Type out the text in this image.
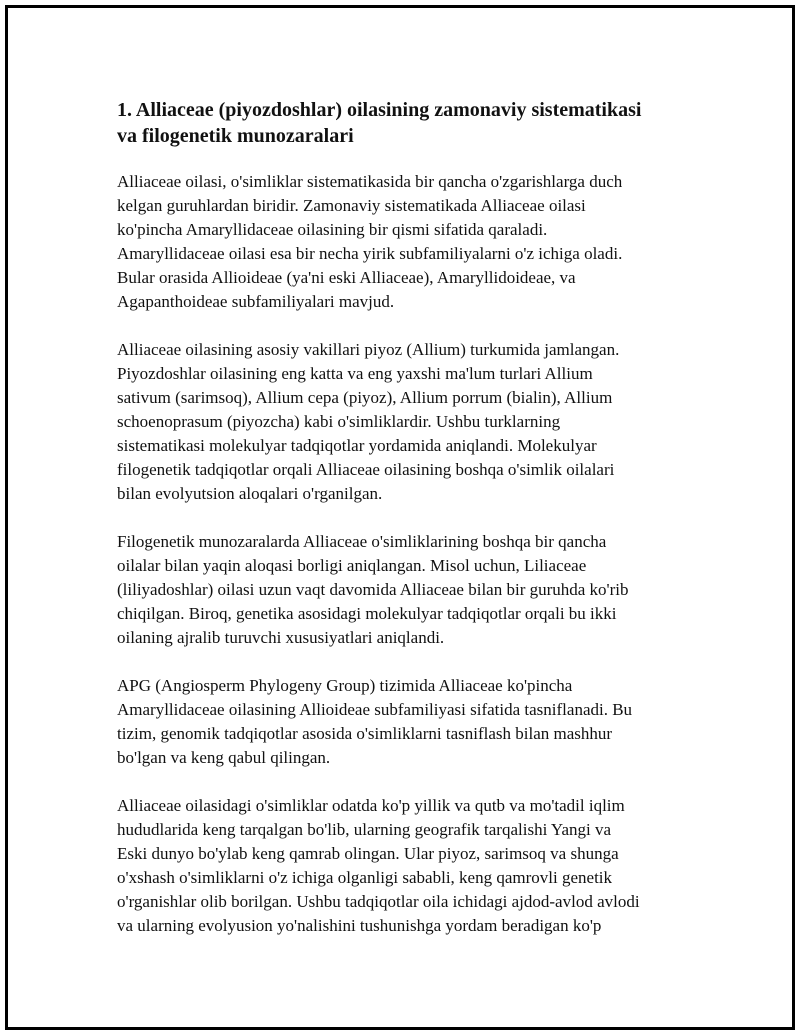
1. Alliaceae (piyozdoshlar) oilasining zamonaviy sistematikasi
va filogenetik munozaralari

Alliaceae oilasi, o'simliklar sistematikasida bir qancha o'zgarishlarga duch
kelgan guruhlardan biridir. Zamonaviy sistematikada Alliaceae oilasi
ko'pincha Amaryllidaceae oilasining bir qismi sifatida qaraladi.
Amaryllidaceae oilasi esa bir necha yirik subfamiliyalarni o'z ichiga oladi.
Bular orasida Allioideae (ya'ni eski Alliaceae), Amaryllidoideae, va
Agapanthoideae subfamiliyalari mavjud.

Alliaceae oilasining asosiy vakillari piyoz (Allium) turkumida jamlangan.
Piyozdoshlar oilasining eng katta va eng yaxshi ma'lum turlari Allium
sativum (sarimsoq), Allium cepa (piyoz), Allium porrum (bialin), Allium
schoenoprasum (piyozcha) kabi o'simliklardir. Ushbu turklarning
sistematikasi molekulyar tadqiqotlar yordamida aniqlandi. Molekulyar
filogenetik tadqiqotlar orqali Alliaceae oilasining boshqa o'simlik oilalari
bilan evolyutsion aloqalari o'rganilgan.

Filogenetik munozaralarda Alliaceae o'simliklarining boshqa bir qancha
oilalar bilan yaqin aloqasi borligi aniqlangan. Misol uchun, Liliaceae
(liliyadoshlar) oilasi uzun vaqt davomida Alliaceae bilan bir guruhda ko'rib
chiqilgan. Biroq, genetika asosidagi molekulyar tadqiqotlar orqali bu ikki
oilaning ajralib turuvchi xususiyatlari aniqlandi.

APG (Angiosperm Phylogeny Group) tizimida Alliaceae ko'pincha
Amaryllidaceae oilasining Allioideae subfamiliyasi sifatida tasniflanadi. Bu
tizim, genomik tadqiqotlar asosida o'simliklarni tasniflash bilan mashhur
bo'lgan va keng qabul qilingan.

Alliaceae oilasidagi o'simliklar odatda ko'p yillik va qutb va mo'tadil iqlim
hududlarida keng tarqalgan bo'lib, ularning geografik tarqalishi Yangi va
Eski dunyo bo'ylab keng qamrab olingan. Ular piyoz, sarimsoq va shunga
o'xshash o'simliklarni o'z ichiga olganligi sababli, keng qamrovli genetik
o'rganishlar olib borilgan. Ushbu tadqiqotlar oila ichidagi ajdod-avlod avlodi
va ularning evolyusion yo'nalishini tushunishga yordam beradigan ko'p
